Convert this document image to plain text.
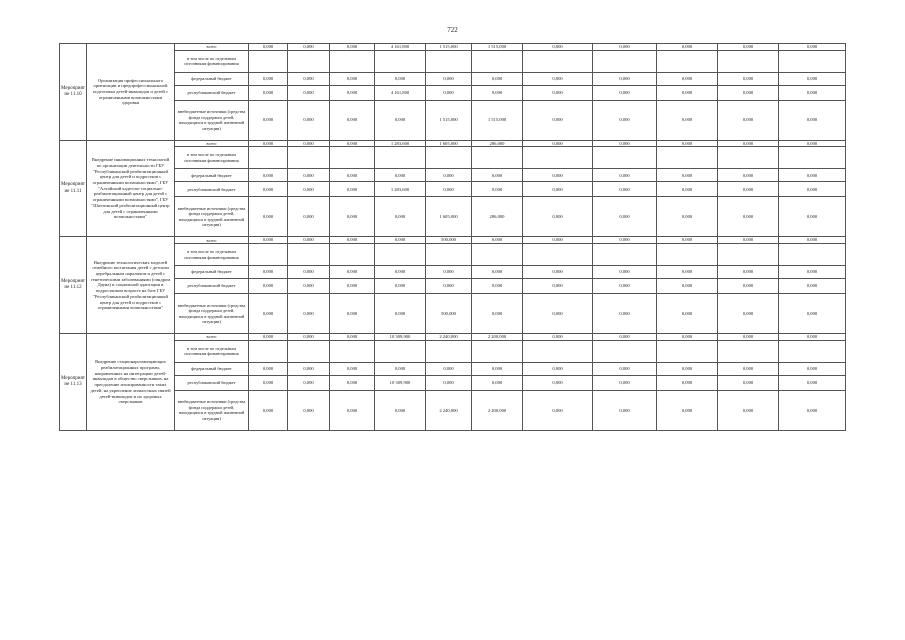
722
Мероприятие 11.10	Организация профессионального ориентации и предпрофессиональной подготовки детей-инвалидов и детей с ограниченными возможностями здоровья	всего	0,000	0,000	0,000	4 161,800	1 515,000	1 515,000	0,000	0,000	0,000	0,000	0,000
		в том числе по отдельным источникам финансирования											
		федеральный бюджет	0,000	0,000	0,000	0,000	0,000	0,000	0,000	0,000	0,000	0,000	0,000
		республиканский бюджет	0,000	0,000	0,000	4 161,800	0,000	0,000	0,000	0,000	0,000	0,000	0,000
		внебюджетные источники (средства фонда поддержки детей, находящихся в трудной жизненной ситуации)	0,000	0,000	0,000	0,000	1 515,000	1 515,000	0,000	0,000	0,000	0,000	0,000
Мероприятие 11.11	Внедрение инновационных технологий по организации деятельности ГБУ "Республиканский реабилитационный центр для детей и подростков с ограниченными возможностями", ГБУ "Алтайский кадетско-социально-реабилитационный центр для детей с ограниченными возможностями", ГБУ "Шахтинский реабилитационный центр для детей с ограниченными возможностями"	всего	0,000	0,000	0,000	1 283,600	1 605,000	286,000	0,000	0,000	0,000	0,000	0,000
		в том числе по отдельным источникам финансирования											
		федеральный бюджет	0,000	0,000	0,000	0,000	0,000	0,000	0,000	0,000	0,000	0,000	0,000
		республиканский бюджет	0,000	0,000	0,000	1 283,600	0,000	0,000	0,000	0,000	0,000	0,000	0,000
		внебюджетные источники (средства фонда поддержки детей, находящихся в трудной жизненной ситуации)	0,000	0,000	0,000	0,000	1 605,000	286,000	0,000	0,000	0,000	0,000	0,000
Мероприятие 11.12	Внедрение технологических моделей семейного воспитания детей с детским церебральным параличом и детей с генетическими заболеваниями (синдром Дауна) и социальной адаптации в подростковом возрасте на базе ГБУ "Республиканский реабилитационный центр для детей и подростков с ограниченными возможностями"	всего	0,000	0,000	0,000	0,000	500,000	0,000	0,000	0,000	0,000	0,000	0,000
		в том числе по отдельным источникам финансирования											
		федеральный бюджет	0,000	0,000	0,000	0,000	0,000	0,000	0,000	0,000	0,000	0,000	0,000
		республиканский бюджет	0,000	0,000	0,000	0,000	0,000	0,000	0,000	0,000	0,000	0,000	0,000
		внебюджетные источники (средства фонда поддержки детей, находящихся в трудной жизненной ситуации)	0,000	0,000	0,000	0,000	500,000	0,000	0,000	0,000	0,000	0,000	0,000
Мероприятие 11.13	Внедрение стационарозамещающих реабилитационных программ, направленных на интеграцию детей-инвалидов в общество сверстников, на преодоление изолированности таких детей, на укрепление личностных связей детей-инвалидов и их здоровых сверстников	всего	0,000	0,000	0,000	10 309,900	2 240,000	2 200,000	0,000	0,000	0,000	0,000	0,000
		в том числе по отдельным источникам финансирования											
		федеральный бюджет	0,000	0,000	0,000	0,000	0,000	0,000	0,000	0,000	0,000	0,000	0,000
		республиканский бюджет	0,000	0,000	0,000	10 309,900	0,000	0,000	0,000	0,000	0,000	0,000	0,000
		внебюджетные источники (средства фонда поддержки детей, находящихся в трудной жизненной ситуации)	0,000	0,000	0,000	0,000	2 240,000	2 200,000	0,000	0,000	0,000	0,000	0,000
